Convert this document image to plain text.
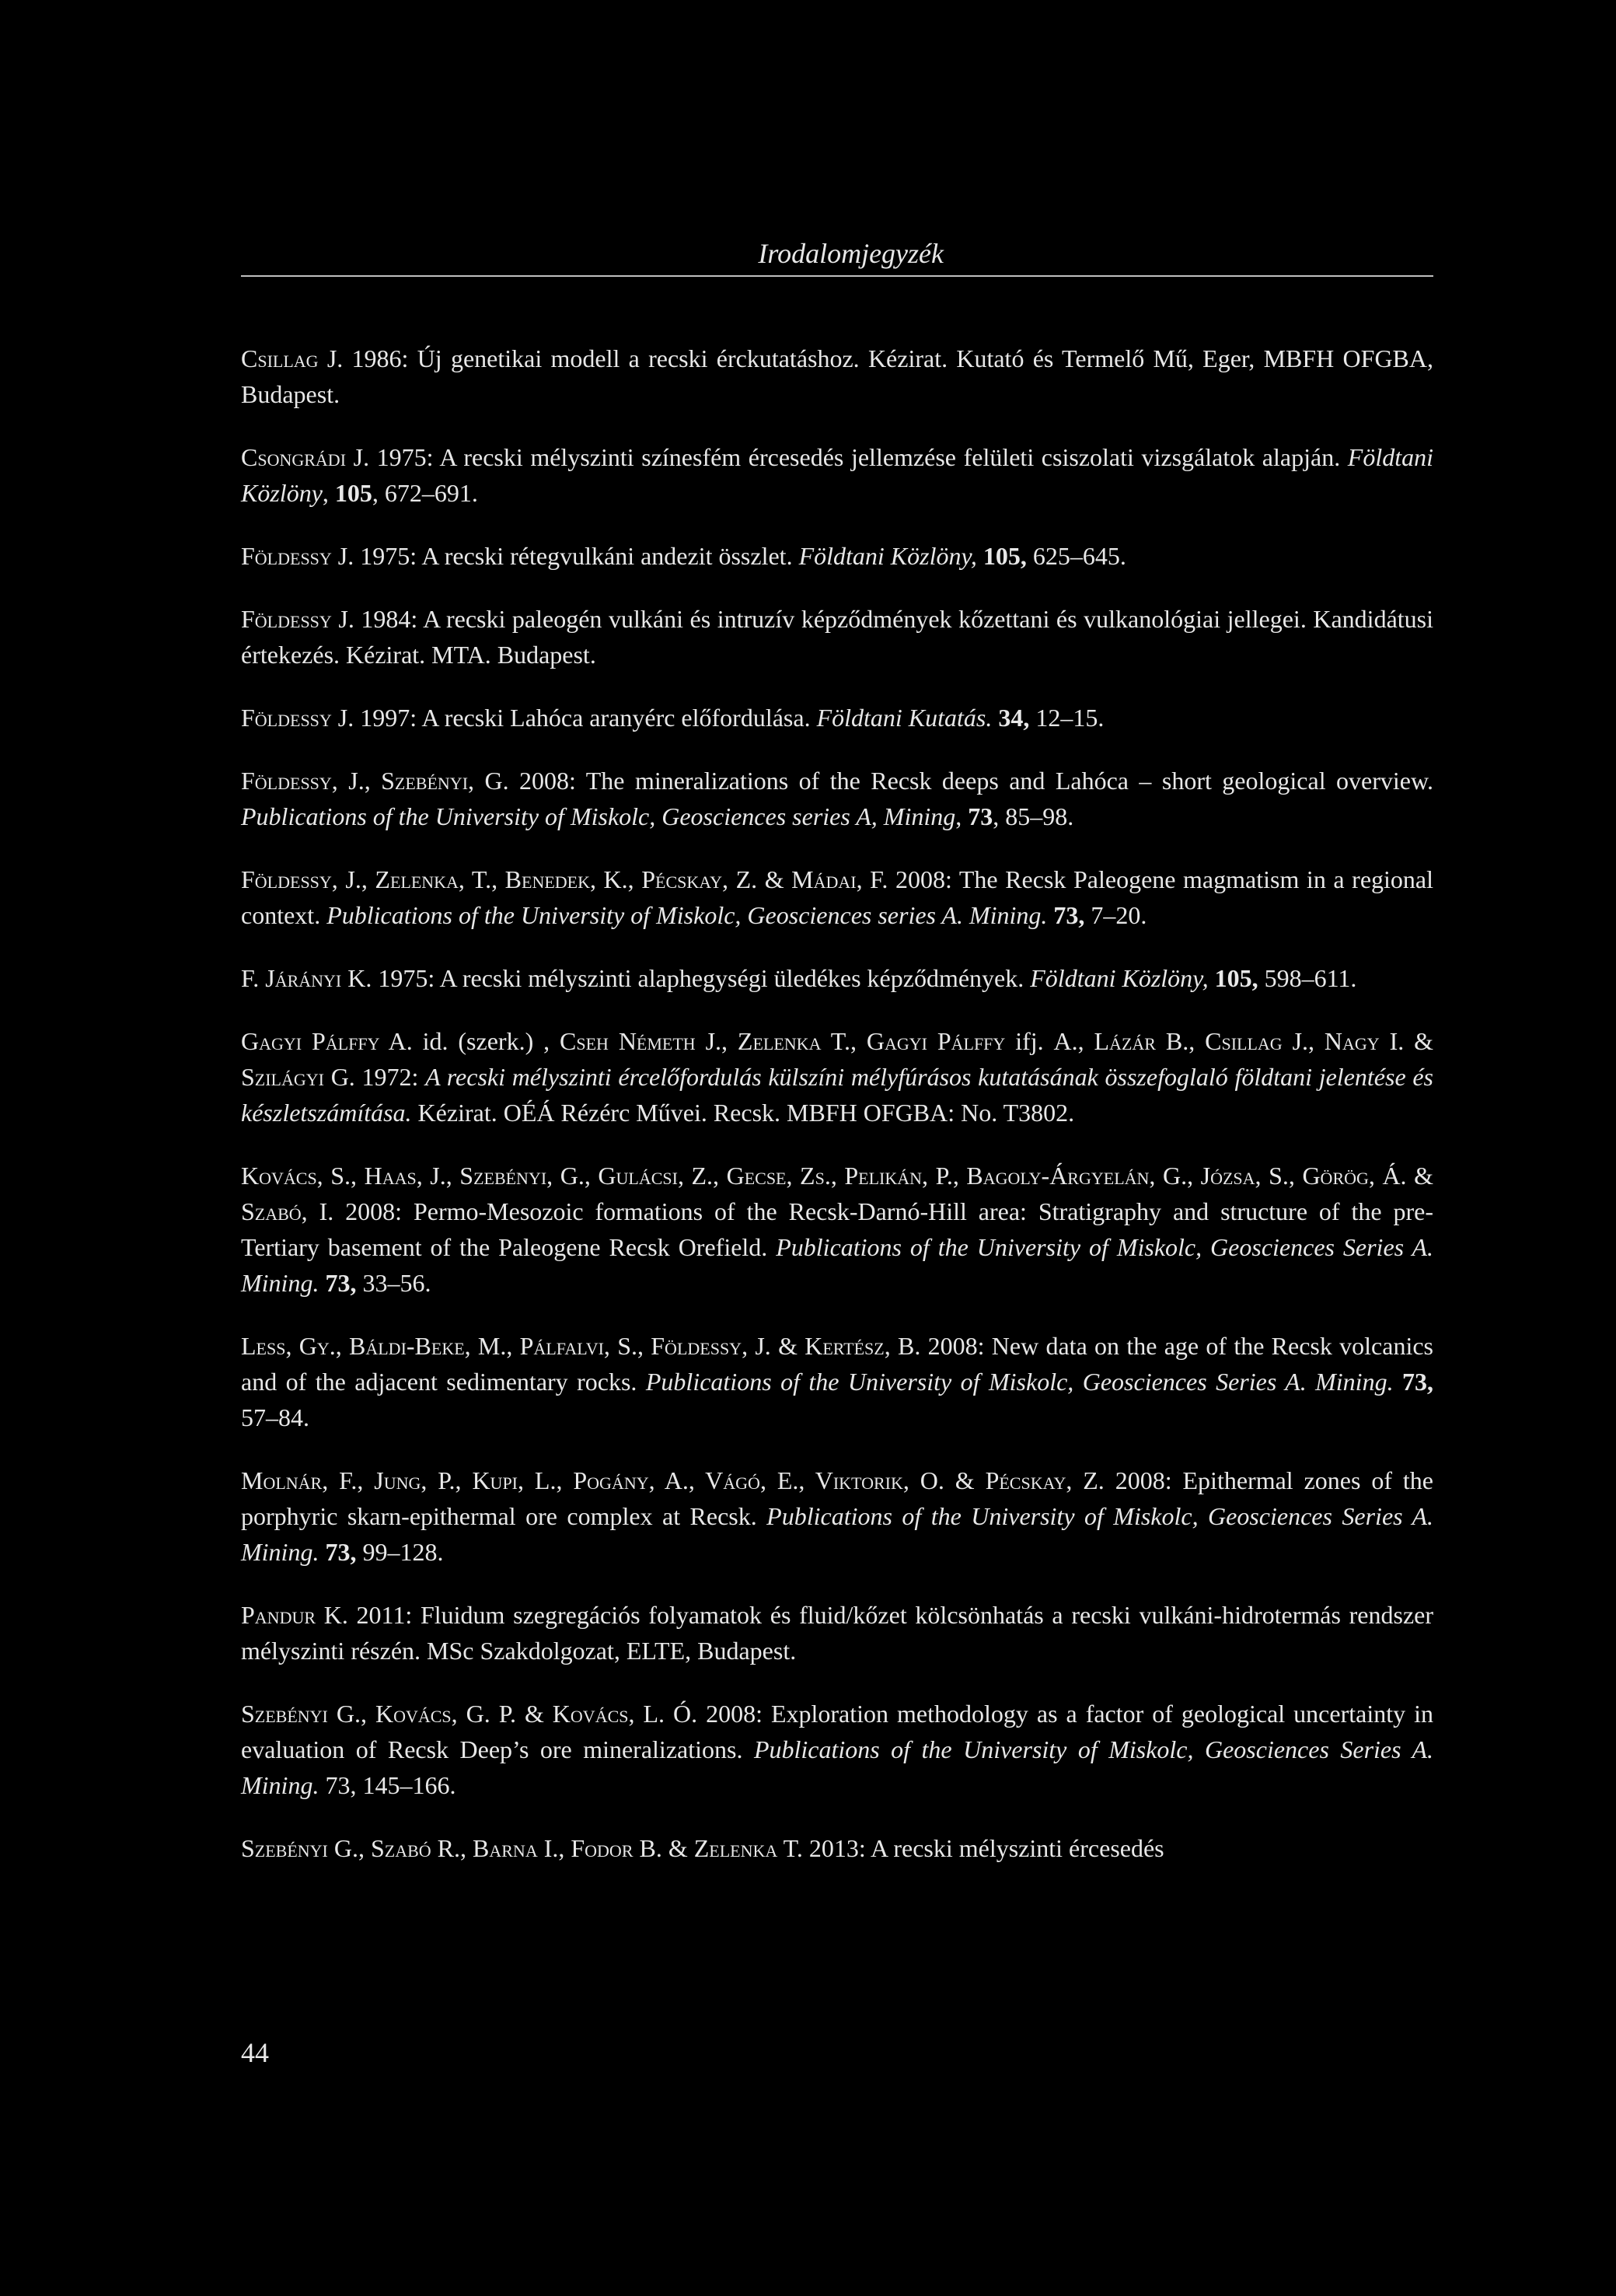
Irodalomjegyzék

Csillag J. 1986: Új genetikai modell a recski érckutatáshoz. Kézirat. Kutató és Termelő Mű, Eger, MBFH OFGBA, Budapest.

Csongrádi J. 1975: A recski mélyszinti színesfém ércesedés jellemzése felületi csiszolati vizsgálatok alapján. Földtani Közlöny, 105, 672–691.

Földessy J. 1975: A recski rétegvulkáni andezit összlet. Földtani Közlöny, 105, 625–645.

Földessy J. 1984: A recski paleogén vulkáni és intruzív képződmények kőzettani és vulkanológiai jellegei. Kandidátusi értekezés. Kézirat. MTA. Budapest.

Földessy J. 1997: A recski Lahóca aranyérc előfordulása. Földtani Kutatás. 34, 12–15.

Földessy, J., Szebényi, G. 2008: The mineralizations of the Recsk deeps and Lahóca – short geological overview. Publications of the University of Miskolc, Geosciences series A, Mining, 73, 85–98.

Földessy, J., Zelenka, T., Benedek, K., Pécskay, Z. & Mádai, F. 2008: The Recsk Paleogene magmatism in a regional context. Publications of the University of Miskolc, Geosciences series A. Mining. 73, 7–20.

F. Járányi K. 1975: A recski mélyszinti alaphegységi üledékes képződmények. Földtani Közlöny, 105, 598–611.

Gagyi Pálffy A. id. (szerk.) , Cseh Németh J., Zelenka T., Gagyi Pálffy ifj. A., Lázár B., Csillag J., Nagy I. & Szilágyi G. 1972: A recski mélyszinti ércelőfordulás külszíni mélyfúrásos kutatásának összefoglaló földtani jelentése és készletszámítása. Kézirat. OÉÁ Rézérc Művei. Recsk. MBFH OFGBA: No. T3802.

Kovács, S., Haas, J., Szebényi, G., Gulácsi, Z., Gecse, Zs., Pelikán, P., Bagoly-Árgyelán, G., Józsa, S., Görög, Á. & Szabó, I. 2008: Permo-Mesozoic formations of the Recsk-Darnó-Hill area: Stratigraphy and structure of the pre-Tertiary basement of the Paleogene Recsk Orefield. Publications of the University of Miskolc, Geosciences Series A. Mining. 73, 33–56.

Less, Gy., Báldi-Beke, M., Pálfalvi, S., Földessy, J. & Kertész, B. 2008: New data on the age of the Recsk volcanics and of the adjacent sedimentary rocks. Publications of the University of Miskolc, Geosciences Series A. Mining. 73, 57–84.

Molnár, F., Jung, P., Kupi, L., Pogány, A., Vágó, E., Viktorik, O. & Pécskay, Z. 2008: Epithermal zones of the porphyric skarn-epithermal ore complex at Recsk. Publications of the University of Miskolc, Geosciences Series A. Mining. 73, 99–128.

Pandur K. 2011: Fluidum szegregációs folyamatok és fluid/kőzet kölcsönhatás a recski vulkáni-hidrotermás rendszer mélyszinti részén. MSc Szakdolgozat, ELTE, Budapest.

Szebényi G., Kovács, G. P. & Kovács, L. Ó. 2008: Exploration methodology as a factor of geological uncertainty in evaluation of Recsk Deep’s ore mineralizations. Publications of the University of Miskolc, Geosciences Series A. Mining. 73, 145–166.

Szebényi G., Szabó R., Barna I., Fodor B. & Zelenka T. 2013: A recski mélyszinti ércesedés

44
